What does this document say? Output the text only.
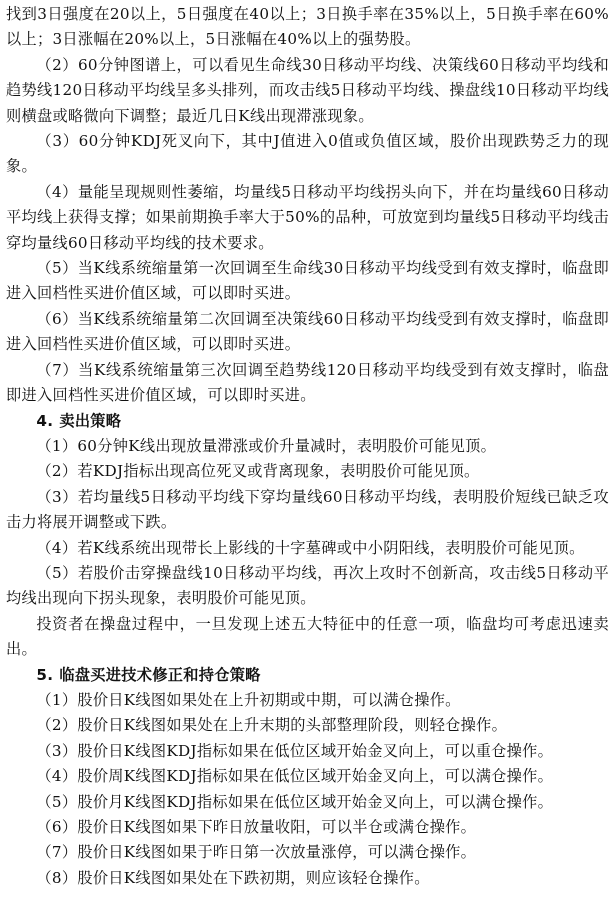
找到3日强度在20以上，5日强度在40以上；3日换手率在35%以上，5日换手率在60%以上；3日涨幅在20%以上，5日涨幅在40%以上的强势股。

（2）60分钟图谱上，可以看见生命线30日移动平均线、决策线60日移动平均线和趋势线120日移动平均线呈多头排列，而攻击线5日移动平均线、操盘线10日移动平均线则横盘或略微向下调整；最近几日K线出现滞涨现象。

（3）60分钟KDJ死叉向下，其中J值进入0值或负值区域，股价出现跌势乏力的现象。

（4）量能呈现规则性萎缩，均量线5日移动平均线拐头向下，并在均量线60日移动平均线上获得支撑；如果前期换手率大于50%的品种，可放宽到均量线5日移动平均线击穿均量线60日移动平均线的技术要求。

（5）当K线系统缩量第一次回调至生命线30日移动平均线受到有效支撑时，临盘即进入回档性买进价值区域，可以即时买进。

（6）当K线系统缩量第二次回调至决策线60日移动平均线受到有效支撑时，临盘即进入回档性买进价值区域，可以即时买进。

（7）当K线系统缩量第三次回调至趋势线120日移动平均线受到有效支撑时，临盘即进入回档性买进价值区域，可以即时买进。

4. 卖出策略

（1）60分钟K线出现放量滞涨或价升量减时，表明股价可能见顶。

（2）若KDJ指标出现高位死叉或背离现象，表明股价可能见顶。

（3）若均量线5日移动平均线下穿均量线60日移动平均线，表明股价短线已缺乏攻击力将展开调整或下跌。

（4）若K线系统出现带长上影线的十字墓碑或中小阴阳线，表明股价可能见顶。

（5）若股价击穿操盘线10日移动平均线，再次上攻时不创新高，攻击线5日移动平均线出现向下拐头现象，表明股价可能见顶。

投资者在操盘过程中，一旦发现上述五大特征中的任意一项，临盘均可考虑迅速卖出。

5. 临盘买进技术修正和持仓策略

（1）股价日K线图如果处在上升初期或中期，可以满仓操作。

（2）股价日K线图如果处在上升末期的头部整理阶段，则轻仓操作。

（3）股价日K线图KDJ指标如果在低位区域开始金叉向上，可以重仓操作。

（4）股价周K线图KDJ指标如果在低位区域开始金叉向上，可以满仓操作。

（5）股价月K线图KDJ指标如果在低位区域开始金叉向上，可以满仓操作。

（6）股价日K线图如果下昨日放量收阳，可以半仓或满仓操作。

（7）股价日K线图如果于昨日第一次放量涨停，可以满仓操作。

（8）股价日K线图如果处在下跌初期，则应该轻仓操作。
